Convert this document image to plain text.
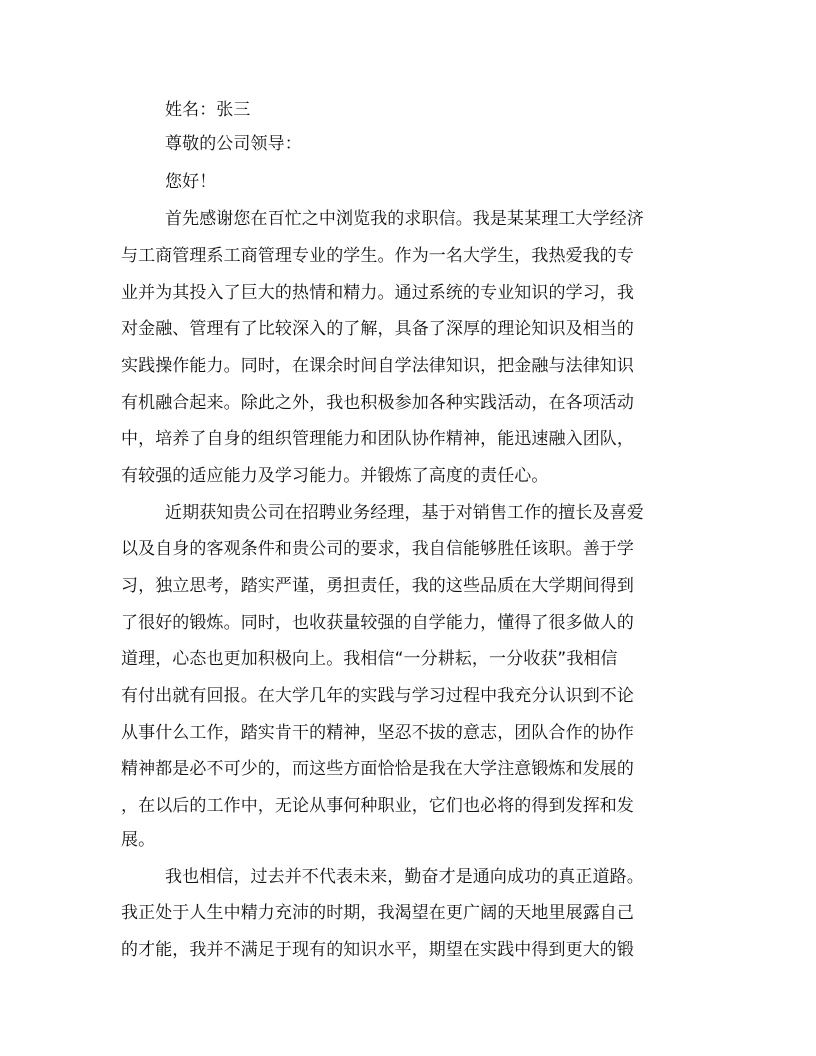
姓名：张三
尊敬的公司领导：
您好！
首先感谢您在百忙之中浏览我的求职信。我是某某理工大学经济
与工商管理系工商管理专业的学生。作为一名大学生，我热爱我的专
业并为其投入了巨大的热情和精力。通过系统的专业知识的学习，我
对金融、管理有了比较深入的了解，具备了深厚的理论知识及相当的
实践操作能力。同时，在课余时间自学法律知识，把金融与法律知识
有机融合起来。除此之外，我也积极参加各种实践活动，在各项活动
中，培养了自身的组织管理能力和团队协作精神，能迅速融入团队，
有较强的适应能力及学习能力。并锻炼了高度的责任心。
近期获知贵公司在招聘业务经理，基于对销售工作的擅长及喜爱
以及自身的客观条件和贵公司的要求，我自信能够胜任该职。善于学
习，独立思考，踏实严谨，勇担责任，我的这些品质在大学期间得到
了很好的锻炼。同时，也收获量较强的自学能力，懂得了很多做人的
道理，心态也更加积极向上。我相信“一分耕耘，一分收获”我相信
有付出就有回报。在大学几年的实践与学习过程中我充分认识到不论
从事什么工作，踏实肯干的精神，坚忍不拔的意志，团队合作的协作
精神都是必不可少的，而这些方面恰恰是我在大学注意锻炼和发展的
，在以后的工作中，无论从事何种职业，它们也必将的得到发挥和发
展。
我也相信，过去并不代表未来，勤奋才是通向成功的真正道路。
我正处于人生中精力充沛的时期，我渴望在更广阔的天地里展露自己
的才能，我并不满足于现有的知识水平，期望在实践中得到更大的锻
